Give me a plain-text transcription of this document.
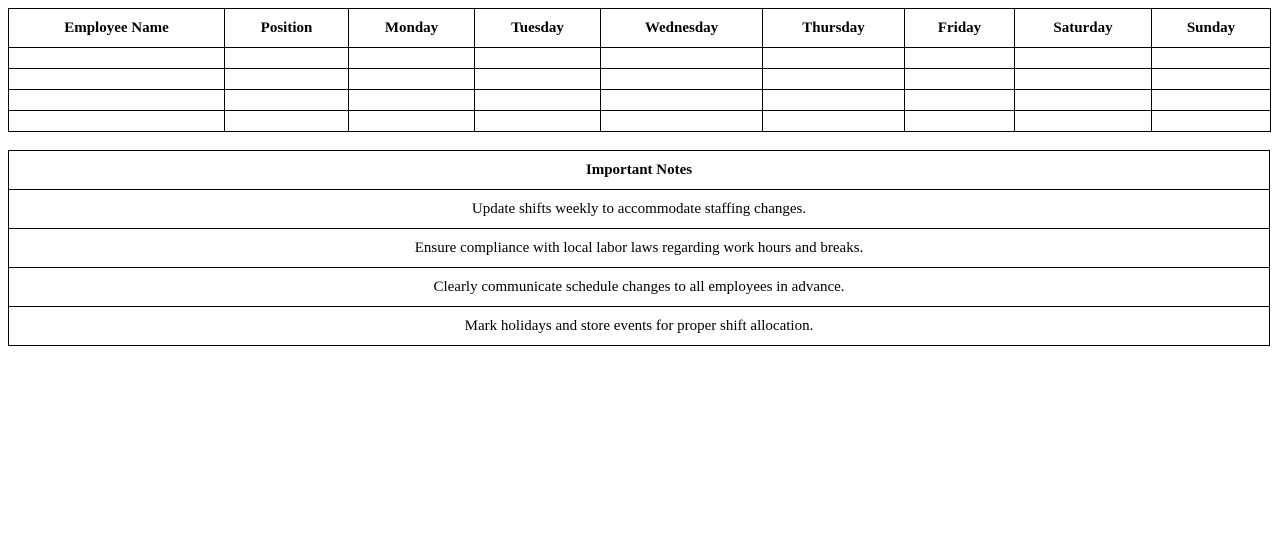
Employee Name	Position	Monday	Tuesday	Wednesday	Thursday	Friday	Saturday	Sunday

Important Notes
Update shifts weekly to accommodate staffing changes.
Ensure compliance with local labor laws regarding work hours and breaks.
Clearly communicate schedule changes to all employees in advance.
Mark holidays and store events for proper shift allocation.
